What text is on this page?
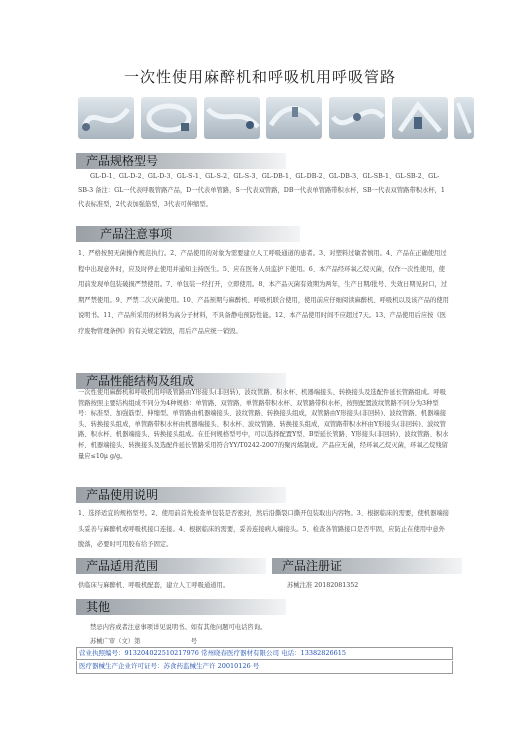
一次性使用麻醉机和呼吸机用呼吸管路
产品规格型号
GL-D-1、GL-D-2、GL-D-3、GL-S-1、GL-S-2、GL-S-3、GL-DB-1、GL-DB-2、GL-DB-3、GL-SB-1、GL-SB-2、GL-SB-3 备注：GL一代表呼吸管路产品，D一代表单管路，S一代表双管路，DB一代表单管路带积水杯，SB一代表双管路带积水杯，1代表标准型，2代表加强筋型，3代表可伸缩型。
产品注意事项
1、严格按照无菌操作规范执行。2、产品使用的对象为需要建立人工呼吸通道的患者。3、对塑料过敏者慎用。4、产品在正确使用过程中出现意外时，应及时停止使用并通知主持医生。5、应在医务人员监护下使用。6、本产品经环氧乙烷灭菌，仅作一次性使用，使用前发现单包装破损严禁使用。7、单包装一经打开，立即使用。8、本产品灭菌有效期为两年，生产日期/批号、失效日期见封口，过期严禁使用。9、严禁二次灭菌使用。10、产品预期与麻醉机、呼吸机联合使用，使用前应仔细阅读麻醉机、呼吸机以及该产品的使用说明书。11、产品所采用的材料为高分子材料，不具备静电预防性能。12、本产品使用时间不应超过7天。13、产品使用后应按《医疗废物管理条例》的有关规定销毁，用后产品应统一销毁。
产品性能结构及组成
一次性使用麻醉机和呼吸机用呼吸管路由Y形接头(非回转)、波纹管路、积水杯、机器端接头、转换接头及选配件延长管路组成。呼吸管路按照主要结构组成不同分为4种规格：单管路、双管路、单管路带积水杯、双管路带积水杯，按照配置波纹管路不同分为3种型号：标准型、加强筋型、伸缩型。单管路由机器端接头、波纹管路、转换接头组成，双管路由Y形接头(非回转)、波纹管路、机器端接头、转换接头组成，单管路带积水杯由机器端接头、积水杯、波纹管路、转换接头组成，双管路带积水杯由Y形接头(非回转)、波纹管路、积水杯、机器端接头、转换接头组成。在任何规格型号中，可以选择配置Y型、B型延长管路、Y形接头(非回转)、波纹管路、积水杯、机器端接头、转换接头及选配件延长管路采用符合YY/T0242-2007的聚丙烯制成。产品应无菌，经环氧乙烷灭菌，环氧乙烷残留量应≤10μ g/g。
产品使用说明
1、选择适宜的规格型号。2、使用前首先检查单包装是否密封，然后沿撕裂口撕开包装取出内容物。3、根据临床的需要，使机器端接头妥善与麻醉机或呼吸机接口连接。4、根据临床的需要，妥善连接病人端接头。5、检查各管路接口是否牢固，应防止在使用中意外脱落，必要时可用胶布给予固定。
产品适用范围	产品注册证
供临床与麻醉机、呼吸机配套，建立人工呼吸通道用。	苏械注准 20182081352
其他
禁忌内容或者注意事项详见说明书。如有其他问题可电话咨询。
苏械广审（文）第　　　　　　　　号
营业执照编号：913204022510217976 常州晓春医疗器材有限公司 电话：13382826615
医疗器械生产企业许可证号：苏食药监械生产许 20010126 号
